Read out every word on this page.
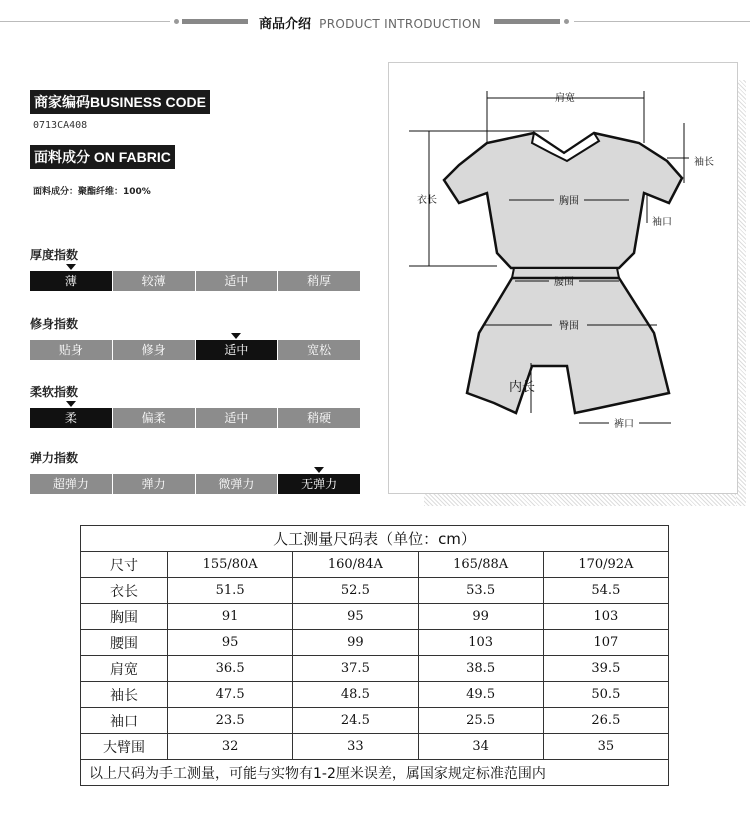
商品介绍 PRODUCT INTRODUCTION
商家编码BUSINESS CODE
0713CA408
面料成分 ON FABRIC
面料成分：聚酯纤维：100%
厚度指数
薄	较薄	适中	稍厚
修身指数
贴身	修身	适中	宽松
柔软指数
柔	偏柔	适中	稍硬
弹力指数
超弹力	弹力	微弹力	无弹力
肩宽
袖长
衣长	胸围
袖口
腰围
臀围
内长
裤口
人工测量尺码表（单位：cm）				
尺寸	155/80A	160/84A	165/88A	170/92A
衣长	51.5	52.5	53.5	54.5
胸围	91	95	99	103
腰围	95	99	103	107
肩宽	36.5	37.5	38.5	39.5
袖长	47.5	48.5	49.5	50.5
袖口	23.5	24.5	25.5	26.5
大臂围	32	33	34	35
以上尺码为手工测量，可能与实物有1-2厘米误差，属国家规定标准范围内				
